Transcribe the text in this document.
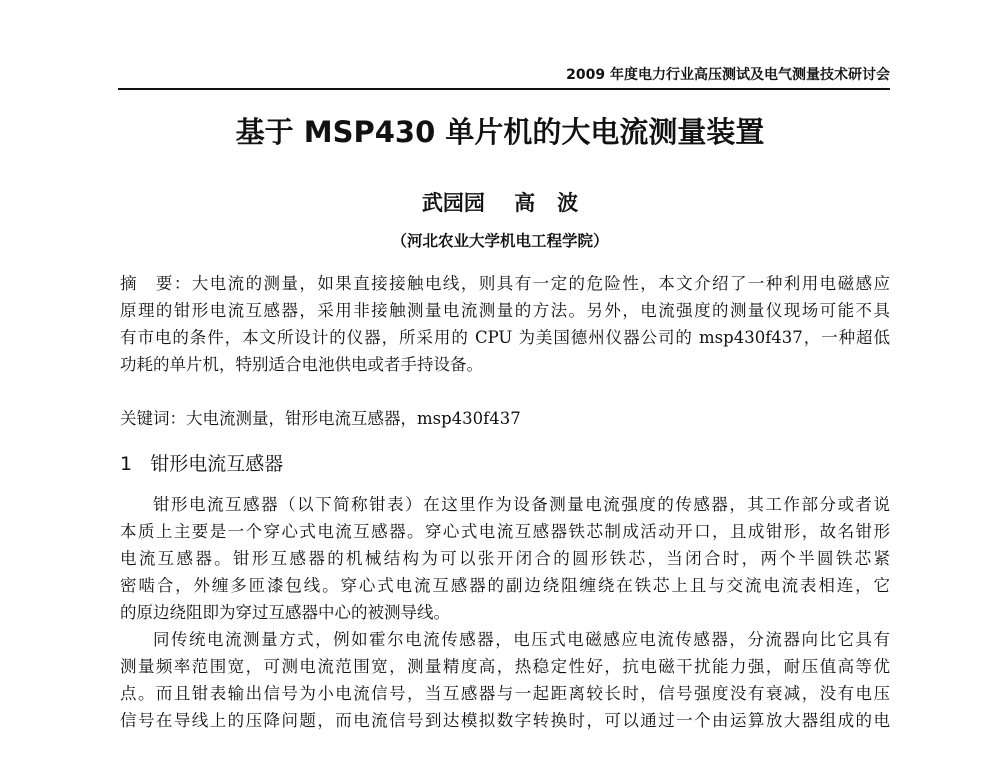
2009 年度电力行业高压测试及电气测量技术研讨会
基于 MSP430 单片机的大电流测量装置
武园园    高   波
（河北农业大学机电工程学院）
摘　要：大电流的测量，如果直接接触电线，则具有一定的危险性，本文介绍了一种利用电磁感应
原理的钳形电流互感器，采用非接触测量电流测量的方法。另外，电流强度的测量仪现场可能不具
有市电的条件，本文所设计的仪器，所采用的 CPU 为美国德州仪器公司的 msp430f437，一种超低
功耗的单片机，特别适合电池供电或者手持设备。
关键词：大电流测量，钳形电流互感器，msp430f437
1 钳形电流互感器
钳形电流互感器（以下简称钳表）在这里作为设备测量电流强度的传感器，其工作部分或者说
本质上主要是一个穿心式电流互感器。穿心式电流互感器铁芯制成活动开口，且成钳形，故名钳形
电流互感器。钳形互感器的机械结构为可以张开闭合的圆形铁芯，当闭合时，两个半圆铁芯紧
密啮合，外缠多匝漆包线。穿心式电流互感器的副边绕阻缠绕在铁芯上且与交流电流表相连，它
的原边绕阻即为穿过互感器中心的被测导线。
同传统电流测量方式，例如霍尔电流传感器，电压式电磁感应电流传感器，分流器向比它具有
测量频率范围宽，可测电流范围宽，测量精度高，热稳定性好，抗电磁干扰能力强，耐压值高等优
点。而且钳表输出信号为小电流信号，当互感器与一起距离较长时，信号强度没有衰减，没有电压
信号在导线上的压降问题，而电流信号到达模拟数字转换时，可以通过一个由运算放大器组成的电
